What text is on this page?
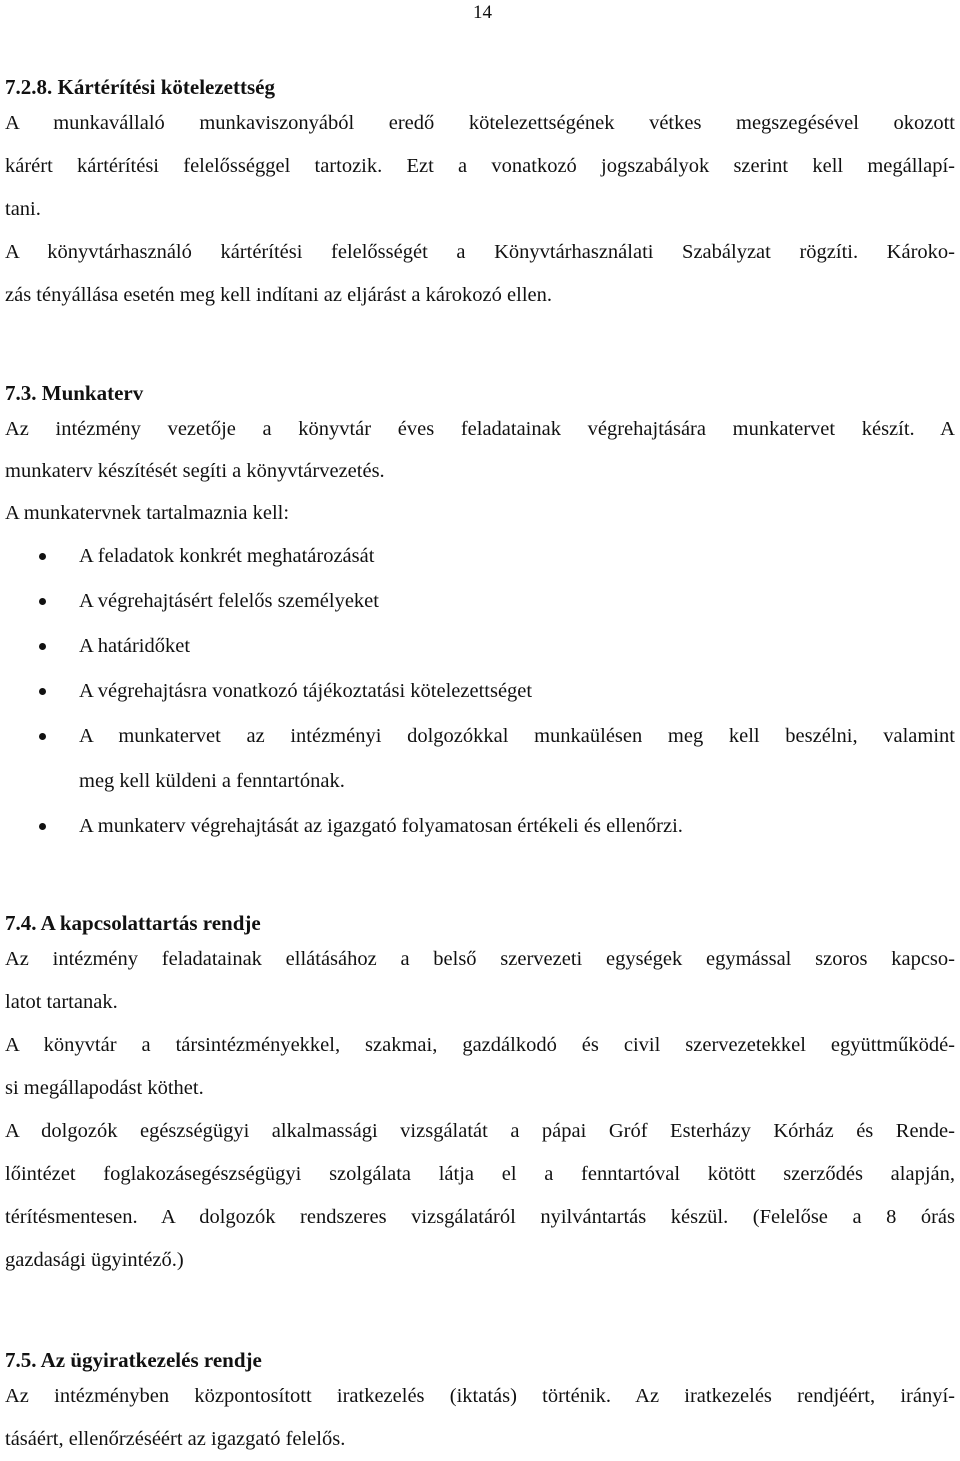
14
7.2.8. Kártérítési kötelezettség
A munkavállaló munkaviszonyából eredő kötelezettségének vétkes megszegésével okozott
kárért kártérítési felelősséggel tartozik. Ezt a vonatkozó jogszabályok szerint kell megállapí-
tani.
A könyvtárhasználó kártérítési felelősségét a Könyvtárhasználati Szabályzat rögzíti. Károko-
zás tényállása esetén meg kell indítani az eljárást a károkozó ellen.
7.3. Munkaterv
Az intézmény vezetője a könyvtár éves feladatainak végrehajtására munkatervet készít. A
munkaterv készítését segíti a könyvtárvezetés.
A munkatervnek tartalmaznia kell:
A feladatok konkrét meghatározását
A végrehajtásért felelős személyeket
A határidőket
A végrehajtásra vonatkozó tájékoztatási kötelezettséget
A munkatervet az intézményi dolgozókkal munkaülésen meg kell beszélni, valamint
meg kell küldeni a fenntartónak.
A munkaterv végrehajtását az igazgató folyamatosan értékeli és ellenőrzi.
7.4. A kapcsolattartás rendje
Az intézmény feladatainak ellátásához a belső szervezeti egységek egymással szoros kapcso-
latot tartanak.
A könyvtár a társintézményekkel, szakmai, gazdálkodó és civil szervezetekkel együttműködé-
si megállapodást köthet.
A dolgozók egészségügyi alkalmassági vizsgálatát a pápai Gróf Esterházy Kórház és Rende-
lőintézet foglakozásegészségügyi szolgálata látja el a fenntartóval kötött szerződés alapján,
térítésmentesen. A dolgozók rendszeres vizsgálatáról nyilvántartás készül. (Felelőse a 8 órás
gazdasági ügyintéző.)
7.5. Az ügyiratkezelés rendje
Az intézményben központosított iratkezelés (iktatás) történik. Az iratkezelés rendjéért, irányí-
tásáért, ellenőrzéséért az igazgató felelős.
